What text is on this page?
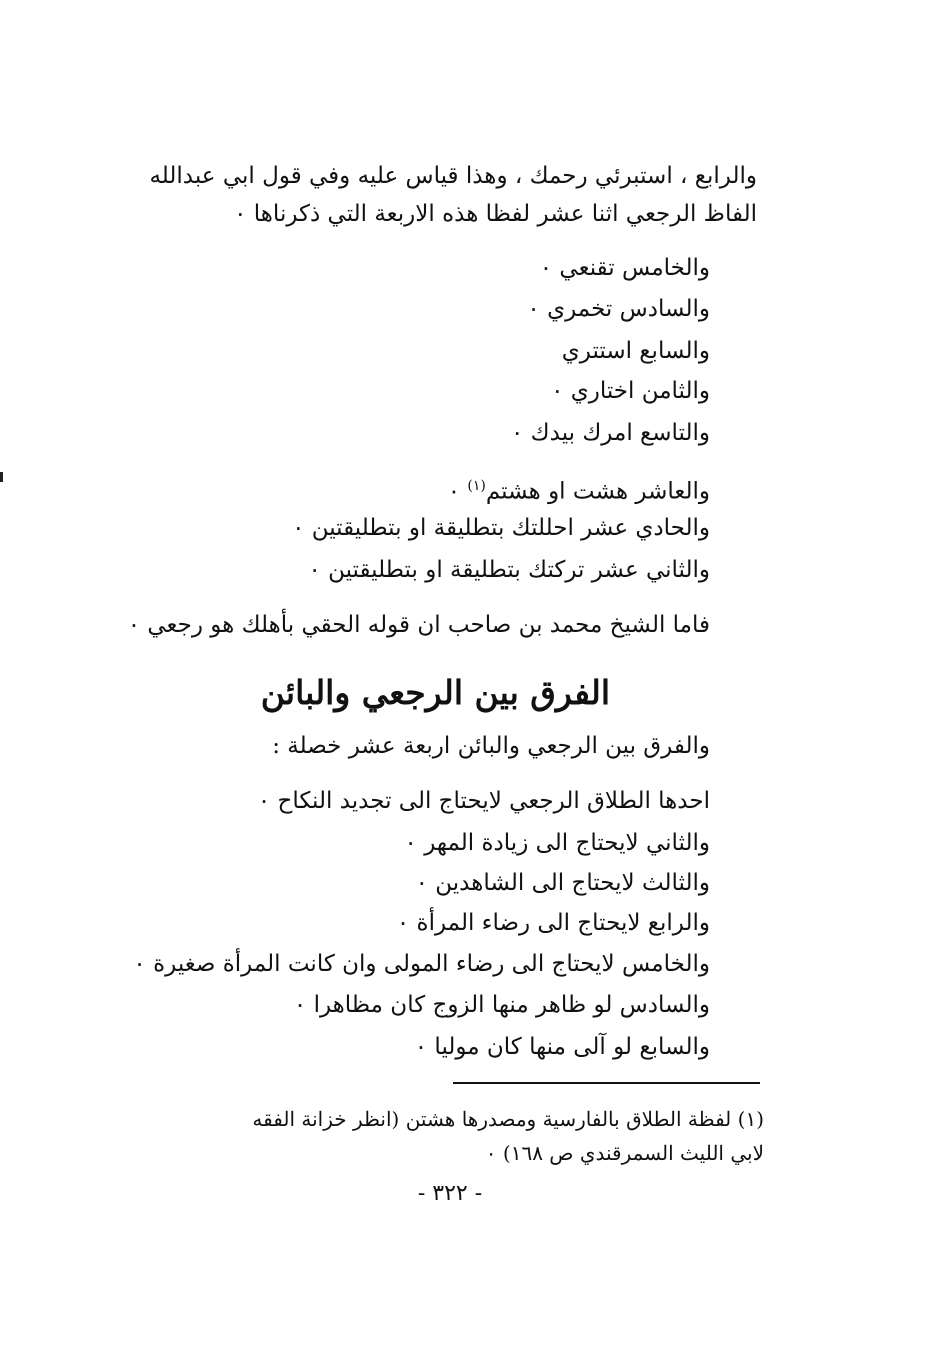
والرابع ، استبرئي رحمك ، وهذا قياس عليه وفي قول ابي عبدالله
الفاظ الرجعي اثنا عشر لفظا هذه الاربعة التي ذكرناها ٠
والخامس تقنعي ٠
والسادس تخمري ٠
والسابع استتري
والثامن اختاري ٠
والتاسع امرك بيدك ٠
والعاشر هشت او هشتم$^{(١)}$ ٠
والحادي عشر احللتك بتطليقة او بتطليقتين ٠
والثاني عشر تركتك بتطليقة او بتطليقتين ٠
فاما الشيخ محمد بن صاحب ان قوله الحقي بأهلك هو رجعي ٠
الفرق بين الرجعي والبائن
والفرق بين الرجعي والبائن اربعة عشر خصلة :
احدها الطلاق الرجعي لايحتاج الى تجديد النكاح ٠
والثاني لايحتاج الى زيادة المهر ٠
والثالث لايحتاج الى الشاهدين ٠
والرابع لايحتاج الى رضاء المرأة ٠
والخامس لايحتاج الى رضاء المولى وان كانت المرأة صغيرة ٠
والسادس لو ظاهر منها الزوج كان مظاهرا ٠
والسابع لو آلى منها كان موليا ٠
(١) لفظة الطلاق بالفارسية ومصدرها هشتن (انظر خزانة الفقه
لابي الليث السمرقندي ص ١٦٨) ٠
- ٣٢٢ -
